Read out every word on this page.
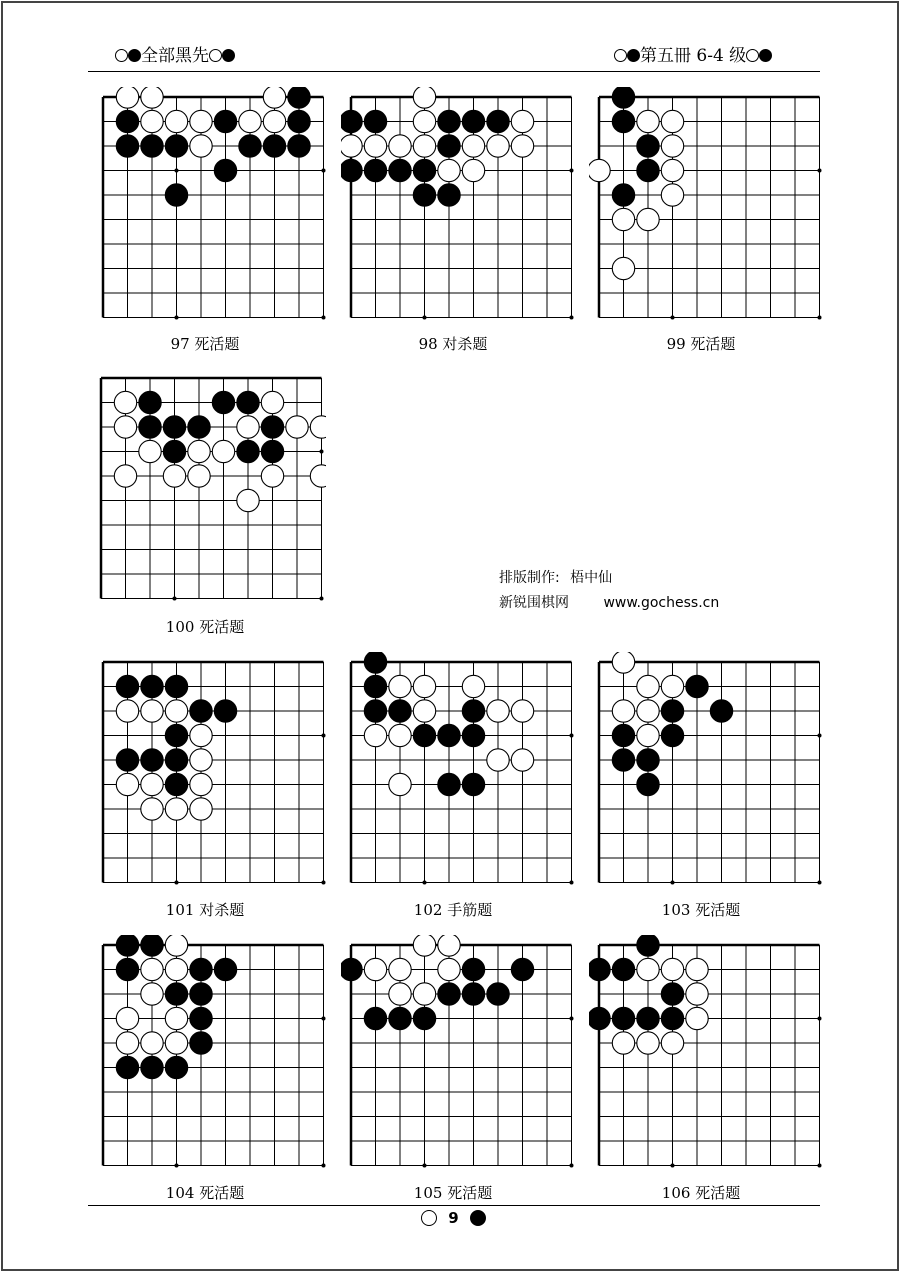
全部黑先	第五冊 6-4 级
97 死活题	98 对杀题	99 死活题
100 死活题
排版制作: 梧中仙
新锐围棋网 www.gochess.cn
101 对杀题	102 手筋题	103 死活题
104 死活题	105 死活题	106 死活题
9
